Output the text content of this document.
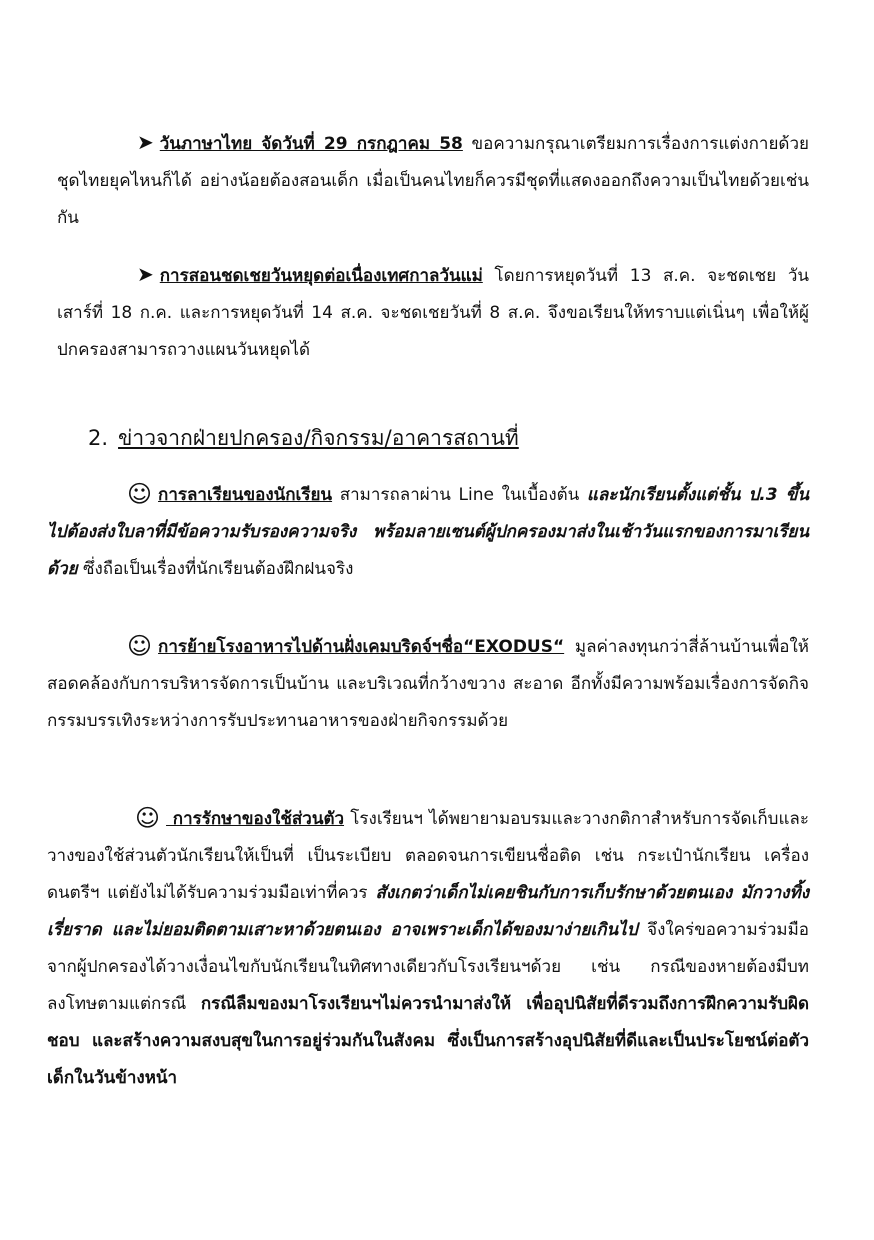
➤ วันภาษาไทย จัดวันที่ 29 กรกฎาคม 58 ขอความกรุณาเตรียมการเรื่องการแต่งกายด้วยชุดไทยยุคไหนก็ได้ อย่างน้อยต้องสอนเด็ก เมื่อเป็นคนไทยก็ควรมีชุดที่แสดงออกถึงความเป็นไทยด้วยเช่นกัน

➤ การสอนชดเชยวันหยุดต่อเนื่องเทศกาลวันแม่ โดยการหยุดวันที่ 13 ส.ค. จะชดเชย วันเสาร์ที่ 18 ก.ค. และการหยุดวันที่ 14 ส.ค. จะชดเชยวันที่ 8 ส.ค. จึงขอเรียนให้ทราบแต่เนิ่นๆ เพื่อให้ผู้ปกครองสามารถวางแผนวันหยุดได้

2. ข่าวจากฝ่ายปกครอง/กิจกรรม/อาคารสถานที่

☺ การลาเรียนของนักเรียน สามารถลาผ่าน Line ในเบื้องต้น และนักเรียนตั้งแต่ชั้น ป.3 ขึ้นไปต้องส่งใบลาที่มีข้อความรับรองความจริง พร้อมลายเซนต์ผู้ปกครองมาส่งในเช้าวันแรกของการมาเรียนด้วย ซึ่งถือเป็นเรื่องที่นักเรียนต้องฝึกฝนจริง

☺ การย้ายโรงอาหารไปด้านฝั่งเคมบริดจ์ฯชื่อ“EXODUS“ มูลค่าลงทุนกว่าสี่ล้านบ้านเพื่อให้สอดคล้องกับการบริหารจัดการเป็นบ้าน และบริเวณที่กว้างขวาง สะอาด อีกทั้งมีความพร้อมเรื่องการจัดกิจกรรมบรรเทิงระหว่างการรับประทานอาหารของฝ่ายกิจกรรมด้วย

☺ การรักษาของใช้ส่วนตัว โรงเรียนฯ ได้พยายามอบรมและวางกติกาสำหรับการจัดเก็บและวางของใช้ส่วนตัวนักเรียนให้เป็นที่ เป็นระเบียบ ตลอดจนการเขียนชื่อติด เช่น กระเป๋านักเรียน เครื่องดนตรีฯ แต่ยังไม่ได้รับความร่วมมือเท่าที่ควร สังเกตว่าเด็กไม่เคยชินกับการเก็บรักษาด้วยตนเอง มักวางทิ้งเรี่ยราด และไม่ยอมติดตามเสาะหาด้วยตนเอง อาจเพราะเด็กได้ของมาง่ายเกินไป จึงใคร่ขอความร่วมมือจากผู้ปกครองได้วางเงื่อนไขกับนักเรียนในทิศทางเดียวกับโรงเรียนฯด้วย เช่น กรณีของหายต้องมีบทลงโทษตามแต่กรณี กรณีลืมของมาโรงเรียนฯไม่ควรนำมาส่งให้ เพื่ออุปนิสัยที่ดีรวมถึงการฝึกความรับผิดชอบ และสร้างความสงบสุขในการอยู่ร่วมกันในสังคม ซึ่งเป็นการสร้างอุปนิสัยที่ดีและเป็นประโยชน์ต่อตัวเด็กในวันข้างหน้า
